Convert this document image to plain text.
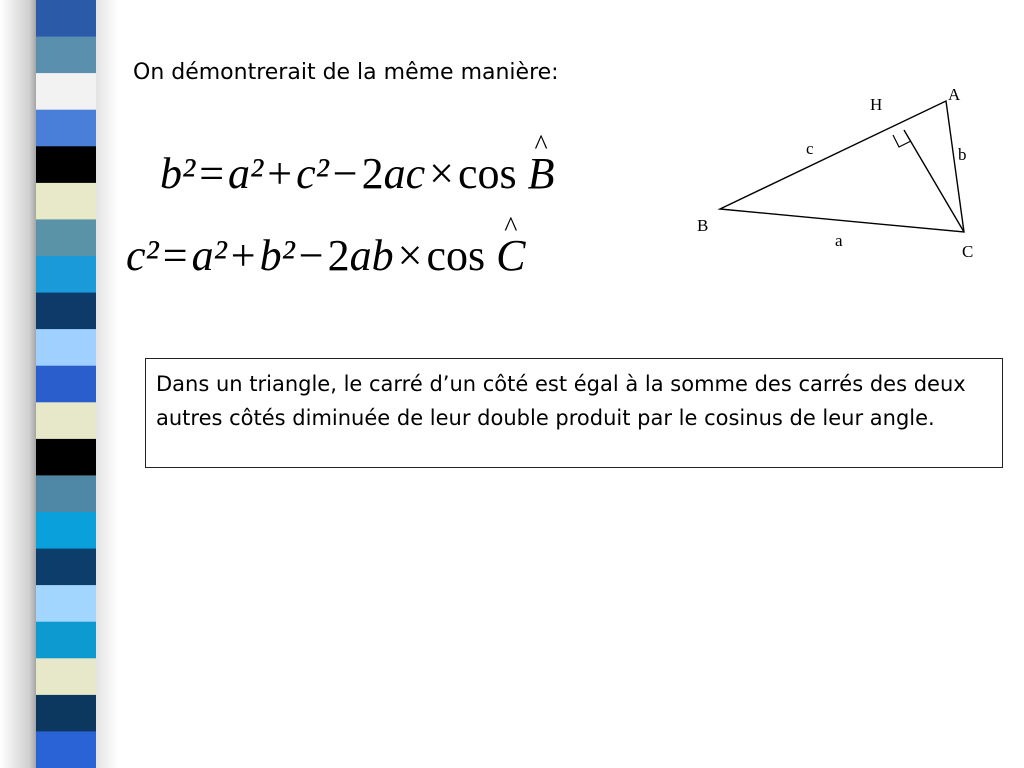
On démontrerait de la même manière:
b²=a²+c²−2ac×cos ^ B
c²=a²+b²−2ab×cos ^ C
A
H
B
C
c	b
a
Dans un triangle, le carré d’un côté est égal à la somme des carrés des deux autres côtés diminuée de leur double produit par le cosinus de leur angle.
